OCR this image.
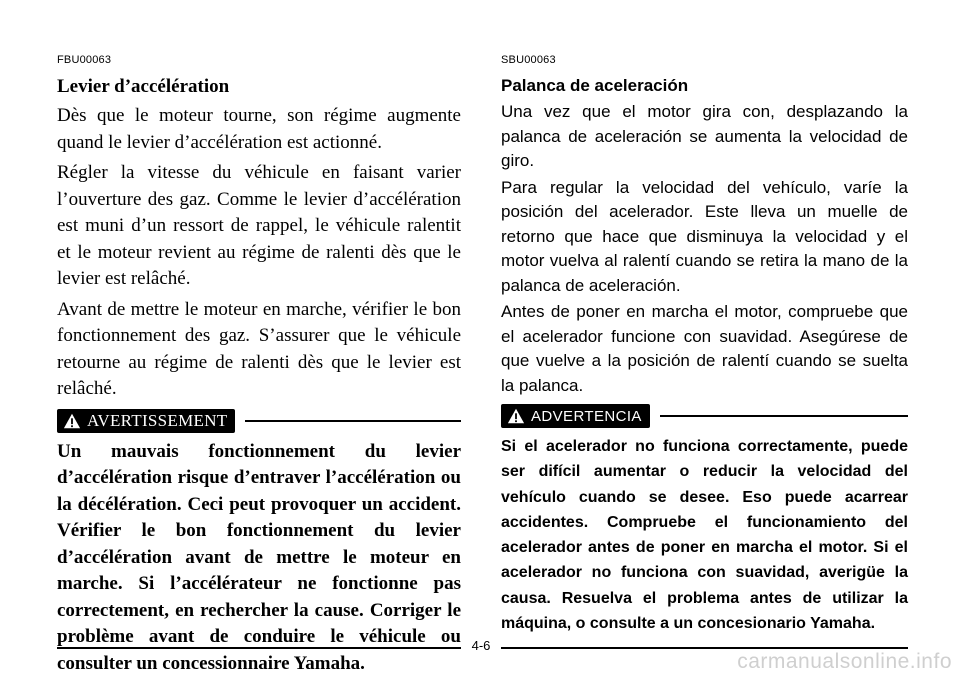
FBU00063
Levier d’accélération

Dès que le moteur tourne, son régime augmente quand le levier d’accélération est actionné.

Régler la vitesse du véhicule en faisant varier l’ouverture des gaz. Comme le levier d’accélération est muni d’un ressort de rappel, le véhicule ralentit et le moteur revient au régime de ralenti dès que le levier est relâché.

Avant de mettre le moteur en marche, vérifier le bon fonctionnement des gaz. S’assurer que le véhicule retourne au régime de ralenti dès que le levier est relâché.

AVERTISSEMENT

Un mauvais fonctionnement du levier d’accélération risque d’entraver l’accélération ou la décélération. Ceci peut provoquer un accident. Vérifier le bon fonctionnement du levier d’accélération avant de mettre le moteur en marche. Si l’accélérateur ne fonctionne pas correctement, en rechercher la cause. Corriger le problème avant de conduire le véhicule ou consulter un concessionnaire Yamaha.

SBU00063
Palanca de aceleración

Una vez que el motor gira con, desplazando la palanca de aceleración se aumenta la velocidad de giro.

Para regular la velocidad del vehículo, varíe la posición del acelerador. Este lleva un muelle de retorno que hace que disminuya la velocidad y el motor vuelva al ralentí cuando se retira la mano de la palanca de aceleración.

Antes de poner en marcha el motor, compruebe que el acelerador funcione con suavidad. Asegúrese de que vuelve a la posición de ralentí cuando se suelta la palanca.

ADVERTENCIA

Si el acelerador no funciona correctamente, puede ser difícil aumentar o reducir la velocidad del vehículo cuando se desee. Eso puede acarrear accidentes. Compruebe el funcionamiento del acelerador antes de poner en marcha el motor. Si el acelerador no funciona con suavidad, averigüe la causa. Resuelva el problema antes de utilizar la máquina, o consulte a un concesionario Yamaha.

4-6
carmanualsonline.info
